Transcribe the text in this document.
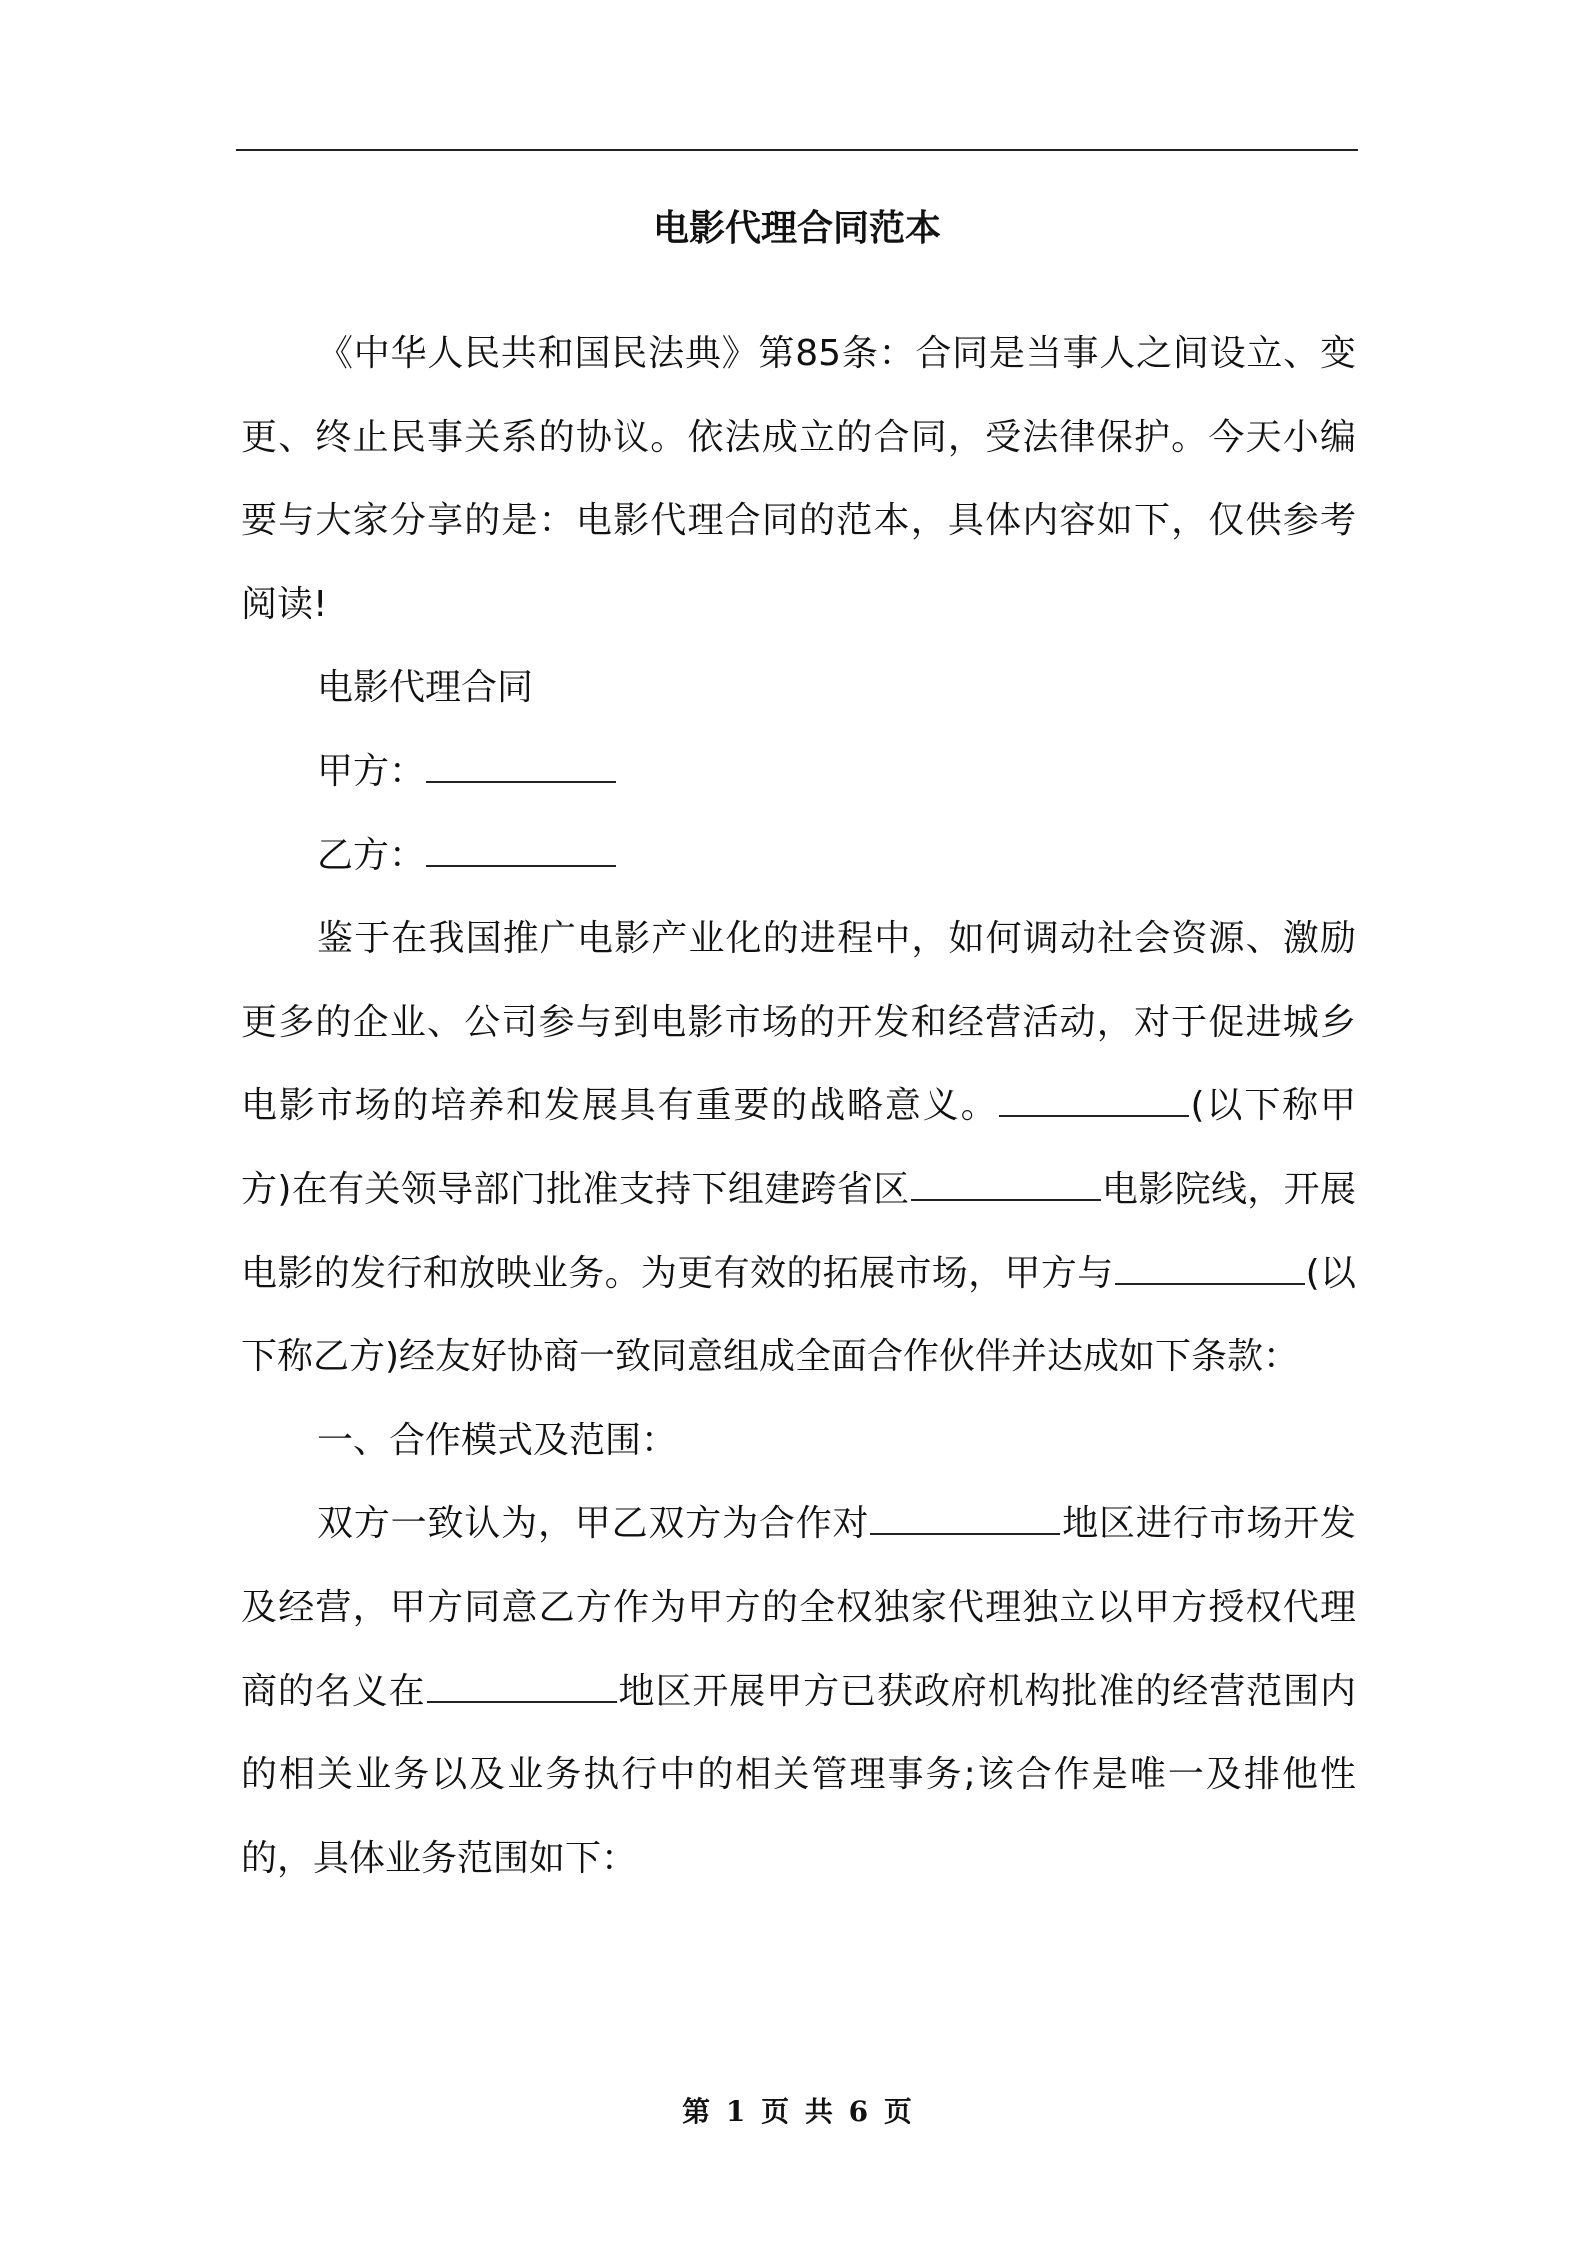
电影代理合同范本

《中华人民共和国民法典》第85条：合同是当事人之间设立、变更、终止民事关系的协议。依法成立的合同，受法律保护。今天小编要与大家分享的是：电影代理合同的范本，具体内容如下，仅供参考阅读!

电影代理合同

甲方：

乙方：

鉴于在我国推广电影产业化的进程中，如何调动社会资源、激励更多的企业、公司参与到电影市场的开发和经营活动，对于促进城乡电影市场的培养和发展具有重要的战略意义。	(以下称甲方)在有关领导部门批准支持下组建跨省区	电影院线，开展电影的发行和放映业务。为更有效的拓展市场，甲方与	(以下称乙方)经友好协商一致同意组成全面合作伙伴并达成如下条款：

一、合作模式及范围：

双方一致认为，甲乙双方为合作对	地区进行市场开发及经营，甲方同意乙方作为甲方的全权独家代理独立以甲方授权代理商的名义在	地区开展甲方已获政府机构批准的经营范围内的相关业务以及业务执行中的相关管理事务;该合作是唯一及排他性的，具体业务范围如下：

第 1 页 共 6 页
